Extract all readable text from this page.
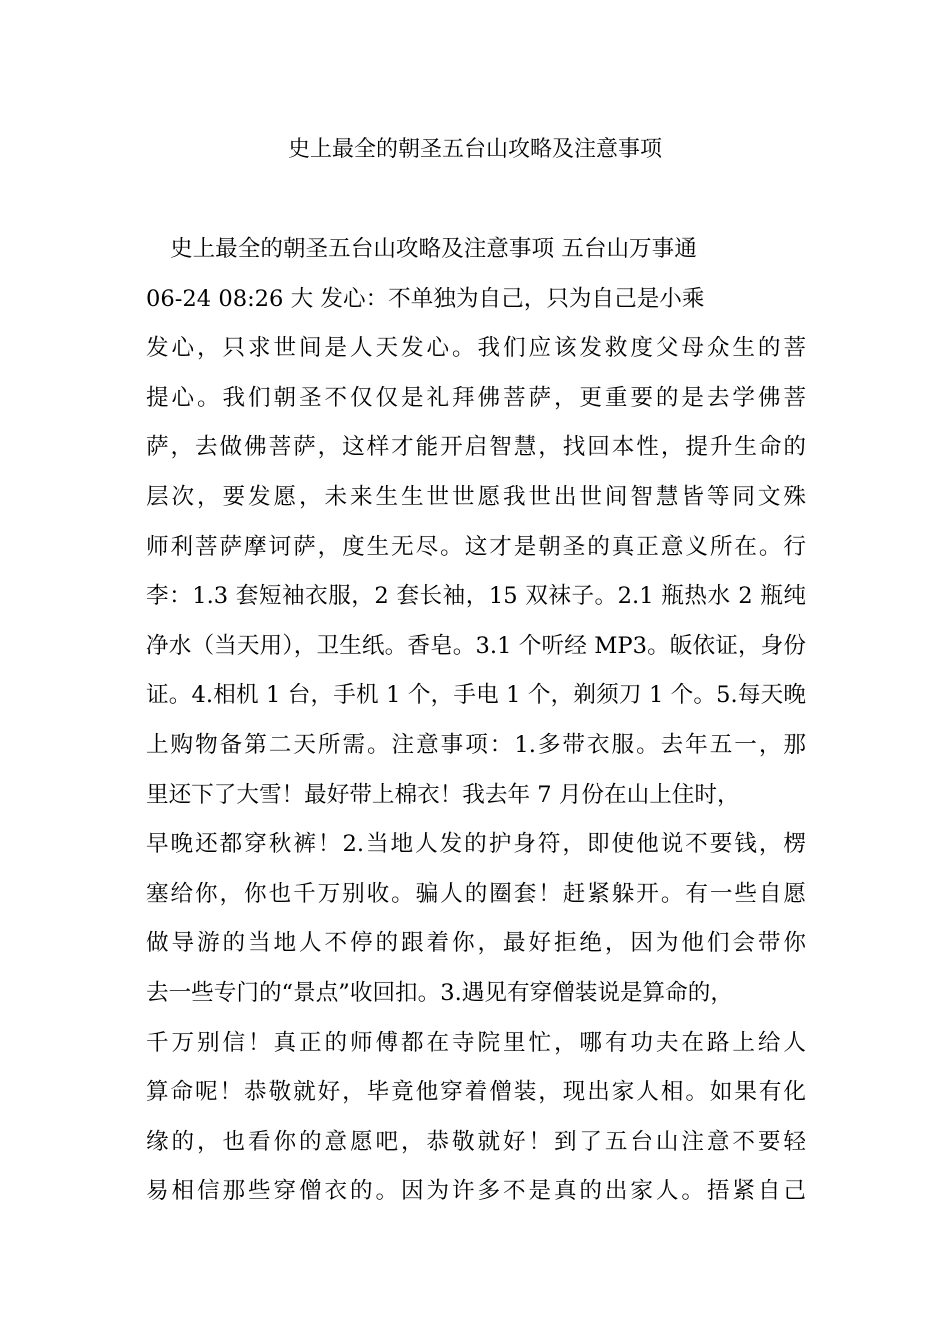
史上最全的朝圣五台山攻略及注意事项
史上最全的朝圣五台山攻略及注意事项 五台山万事通
06-24 08:26 大 发心：不单独为自己，只为自己是小乘
发心，只求世间是人天发心。我们应该发救度父母众生的菩
提心。我们朝圣不仅仅是礼拜佛菩萨，更重要的是去学佛菩
萨，去做佛菩萨，这样才能开启智慧，找回本性，提升生命的
层次，要发愿，未来生生世世愿我世出世间智慧皆等同文殊
师利菩萨摩诃萨，度生无尽。这才是朝圣的真正意义所在。行
李：1.3 套短袖衣服，2 套长袖，15 双袜子。2.1 瓶热水 2 瓶纯
净水（当天用），卫生纸。香皂。3.1 个听经 MP3。皈依证，身份
证。4.相机 1 台，手机 1 个，手电 1 个，剃须刀 1 个。5.每天晚
上购物备第二天所需。注意事项：1.多带衣服。去年五一，那
里还下了大雪！最好带上棉衣！我去年 7 月份在山上住时，
早晚还都穿秋裤！2.当地人发的护身符，即使他说不要钱，楞
塞给你，你也千万别收。骗人的圈套！赶紧躲开。有一些自愿
做导游的当地人不停的跟着你，最好拒绝，因为他们会带你
去一些专门的“景点”收回扣。3.遇见有穿僧装说是算命的，
千万别信！真正的师傅都在寺院里忙，哪有功夫在路上给人
算命呢！恭敬就好，毕竟他穿着僧装，现出家人相。如果有化
缘的，也看你的意愿吧，恭敬就好！到了五台山注意不要轻
易相信那些穿僧衣的。因为许多不是真的出家人。捂紧自己
